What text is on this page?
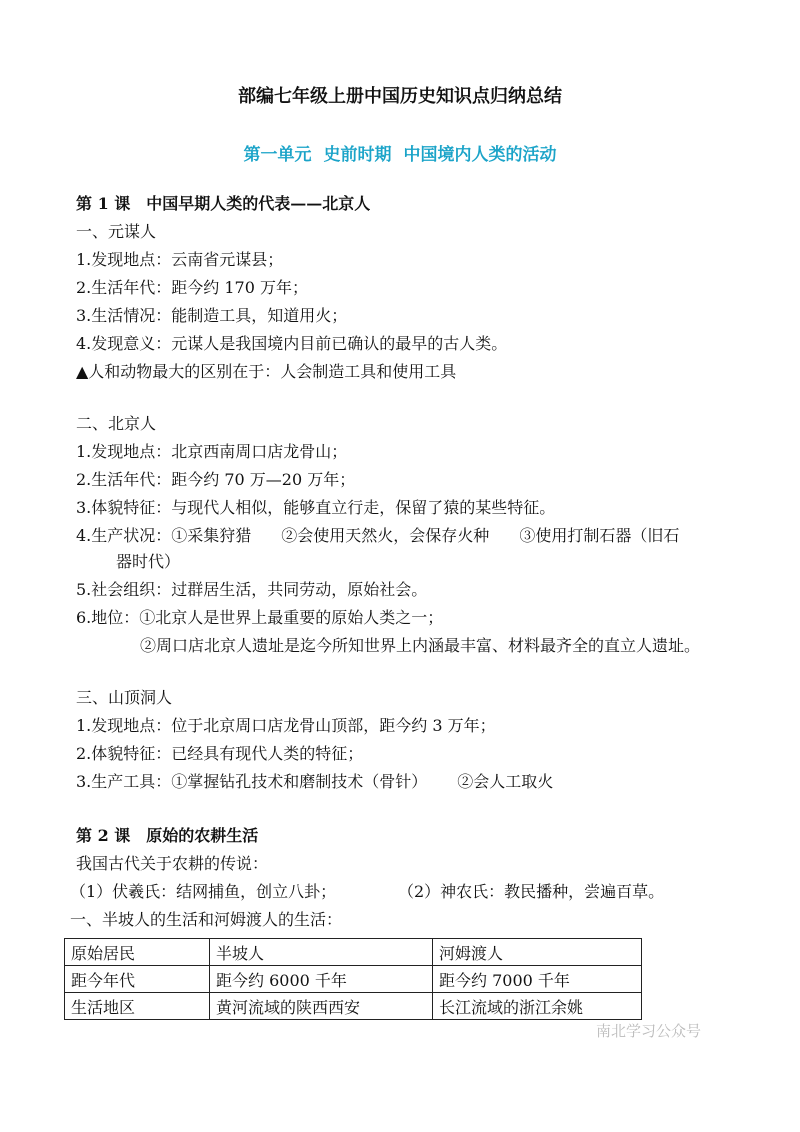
部编七年级上册中国历史知识点归纳总结
第一单元 史前时期 中国境内人类的活动
第 1 课 中国早期人类的代表——北京人
一、元谋人
1.发现地点：云南省元谋县；
2.生活年代：距今约 170 万年；
3.生活情况：能制造工具，知道用火；
4.发现意义：元谋人是我国境内目前已确认的最早的古人类。
▲人和动物最大的区别在于：人会制造工具和使用工具
二、北京人
1.发现地点：北京西南周口店龙骨山；
2.生活年代：距今约 70 万—20 万年；
3.体貌特征：与现代人相似，能够直立行走，保留了猿的某些特征。
4.生产状况：①采集狩猎 ②会使用天然火，会保存火种 ③使用打制石器（旧石
器时代）
5.社会组织：过群居生活，共同劳动，原始社会。
6.地位：①北京人是世界上最重要的原始人类之一；
②周口店北京人遗址是迄今所知世界上内涵最丰富、材料最齐全的直立人遗址。
三、山顶洞人
1.发现地点：位于北京周口店龙骨山顶部，距今约 3 万年；
2.体貌特征：已经具有现代人类的特征；
3.生产工具：①掌握钻孔技术和磨制技术（骨针） ②会人工取火
第 2 课 原始的农耕生活
我国古代关于农耕的传说：
（1）伏羲氏：结网捕鱼，创立八卦；	（2）神农氏：教民播种，尝遍百草。
一、半坡人的生活和河姆渡人的生活：
原始居民	半坡人	河姆渡人
距今年代	距今约 6000 千年	距今约 7000 千年
生活地区	黄河流域的陕西西安	长江流域的浙江余姚
南北学习公众号
